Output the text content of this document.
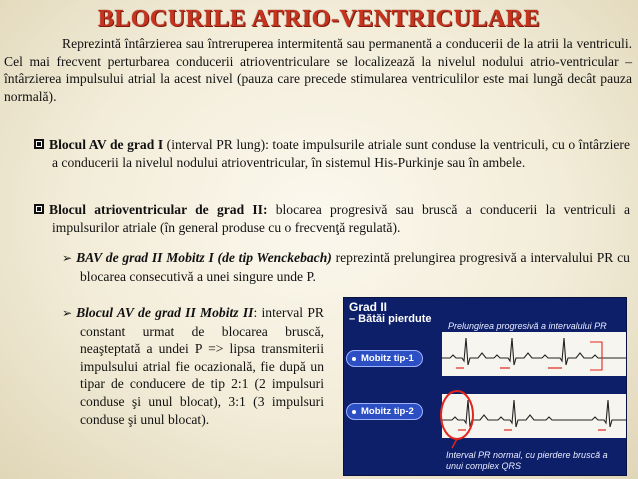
BLOCURILE ATRIO-VENTRICULARE

Reprezintă întârzierea sau întreruperea intermitentă sau permanentă a conducerii de la atrii la ventriculi. Cel mai frecvent perturbarea conducerii atrioventriculare se localizează la nivelul nodului atrio-ventricular – întârzierea impulsului atrial la acest nivel (pauza care precede stimularea ventriculilor este mai lungă decât pauza normală).

Blocul AV de grad I (interval PR lung): toate impulsurile atriale sunt conduse la ventriculi, cu o întârziere a conducerii la nivelul nodului atrioventricular, în sistemul His-Purkinje sau în ambele.

Blocul atrioventricular de grad II: blocarea progresivă sau bruscă a conducerii la ventriculi a impulsurilor atriale (în general produse cu o frecvenţă regulată).

➢ BAV de grad II Mobitz I (de tip Wenckebach) reprezintă prelungirea progresivă a intervalului PR cu blocarea consecutivă a unei singure unde P.

➢ Blocul AV de grad II Mobitz II: interval PR constant urmat de blocarea bruscă, neaşteptată a undei P => lipsa transmiterii impulsului atrial fie ocazională, fie după un tipar de conducere de tip 2:1 (2 impulsuri conduse şi unul blocat), 3:1 (3 impulsuri conduse şi unul blocat).

Grad II
– Bătăi pierdute
Prelungirea progresivă a intervalului PR
Mobitz tip-1
Mobitz tip-2
Interval PR normal, cu pierdere bruscă a unui complex QRS
